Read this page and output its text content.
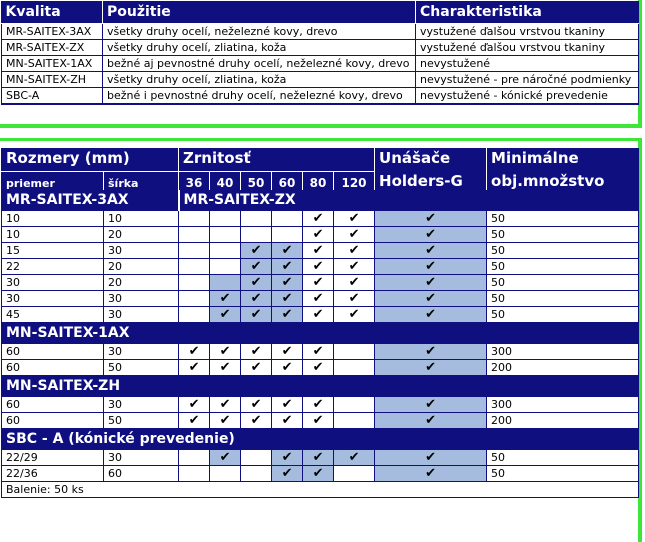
Kvalita	Použitie	Charakteristika
MR-SAITEX-3AX	všetky druhy ocelí, neželezné kovy, drevo	vystužené ďalšou vrstvou tkaniny
MR-SAITEX-ZX	všetky druhy ocelí, zliatina, koža	vystužené ďalšou vrstvou tkaniny
MN-SAITEX-1AX	bežné aj pevnostné druhy ocelí, neželezné kovy, drevo	nevystužené
MN-SAITEX-ZH	všetky druhy ocelí, zliatina, koža	nevystužené - pre náročné podmienky
SBC-A	bežné i pevnostné druhy ocelí, neželezné kovy, drevo	nevystužené - kónické prevedenie
Rozmery (mm)		Zrnitosť						Unášače	Minimálne
priemer	šírka	36	40	50	60	80	120	Holders-G	obj.množstvo
MR-SAITEX-3AX		MR-SAITEX-ZX							
10	10					✔	✔	✔	50
10	20					✔	✔	✔	50
15	30			✔	✔	✔	✔	✔	50
22	20			✔	✔	✔	✔	✔	50
30	20			✔	✔	✔	✔	✔	50
30	30		✔	✔	✔	✔	✔	✔	50
45	30		✔	✔	✔	✔	✔	✔	50
MN-SAITEX-1AX									
60	30	✔	✔	✔	✔	✔		✔	300
60	50	✔	✔	✔	✔	✔		✔	200
MN-SAITEX-ZH									
60	30	✔	✔	✔	✔	✔		✔	300
60	50	✔	✔	✔	✔	✔		✔	200
SBC - A (kónické prevedenie)									
22/29	30		✔		✔	✔	✔	✔	50
22/36	60				✔	✔		✔	50
Balenie: 50 ks									
